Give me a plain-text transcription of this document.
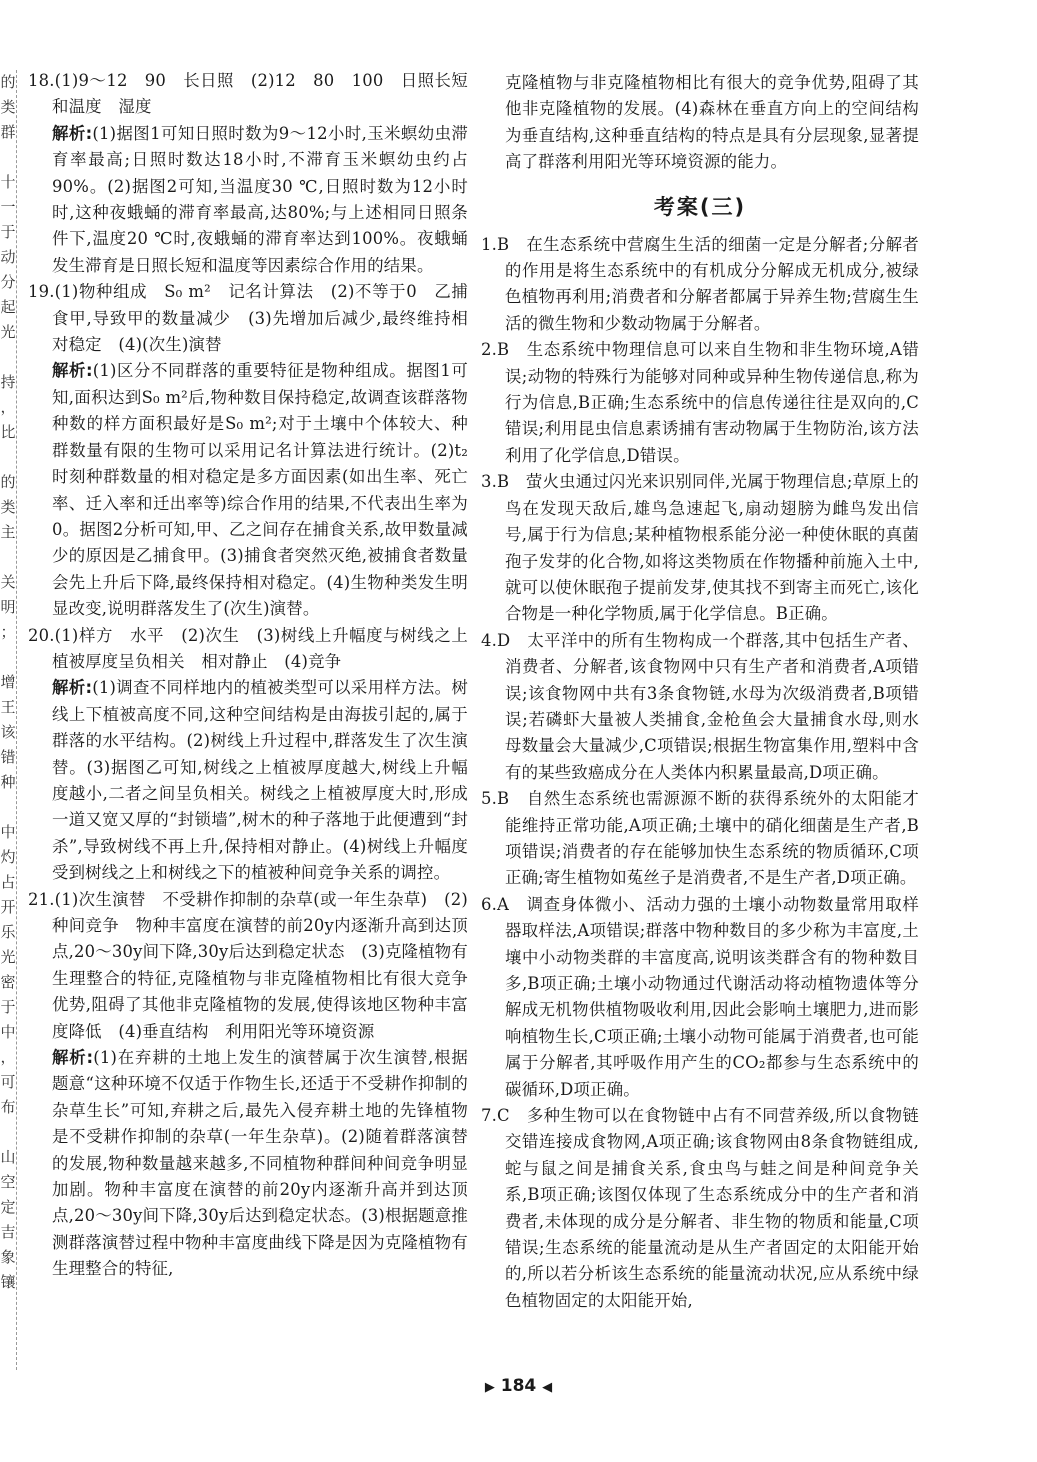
的
类
群

十
一
于
动
分
起
光

持
，
比

的
类
主

关
明
；

增
王
该
错
种

中
灼
占
开
乐
光
密
于
中
，
可
布

山
空
定
吉
象
镶
18.(1)9～12　90　长日照　(2)12　80　100　日照长短和温度　湿度
解析:(1)据图1可知日照时数为9～12小时,玉米螟幼虫滞育率最高;日照时数达18小时,不滞育玉米螟幼虫约占90%。(2)据图2可知,当温度30 ℃,日照时数为12小时时,这种夜蛾蛹的滞育率最高,达80%;与上述相同日照条件下,温度20 ℃时,夜蛾蛹的滞育率达到100%。夜蛾蛹发生滞育是日照长短和温度等因素综合作用的结果。
19.(1)物种组成　S₀ m²　记名计算法　(2)不等于0　乙捕食甲,导致甲的数量减少　(3)先增加后减少,最终维持相对稳定　(4)(次生)演替
解析:(1)区分不同群落的重要特征是物种组成。据图1可知,面积达到S₀ m²后,物种数目保持稳定,故调查该群落物种数的样方面积最好是S₀ m²;对于土壤中个体较大、种群数量有限的生物可以采用记名计算法进行统计。(2)t₂时刻种群数量的相对稳定是多方面因素(如出生率、死亡率、迁入率和迁出率等)综合作用的结果,不代表出生率为0。据图2分析可知,甲、乙之间存在捕食关系,故甲数量减少的原因是乙捕食甲。(3)捕食者突然灭绝,被捕食者数量会先上升后下降,最终保持相对稳定。(4)生物种类发生明显改变,说明群落发生了(次生)演替。
20.(1)样方　水平　(2)次生　(3)树线上升幅度与树线之上植被厚度呈负相关　相对静止　(4)竞争
解析:(1)调查不同样地内的植被类型可以采用样方法。树线上下植被高度不同,这种空间结构是由海拔引起的,属于群落的水平结构。(2)树线上升过程中,群落发生了次生演替。(3)据图乙可知,树线之上植被厚度越大,树线上升幅度越小,二者之间呈负相关。树线之上植被厚度大时,形成一道又宽又厚的“封锁墙”,树木的种子落地于此便遭到“封杀”,导致树线不再上升,保持相对静止。(4)树线上升幅度受到树线之上和树线之下的植被种间竞争关系的调控。
21.(1)次生演替　不受耕作抑制的杂草(或一年生杂草)　(2)种间竞争　物种丰富度在演替的前20y内逐渐升高到达顶点,20～30y间下降,30y后达到稳定状态　(3)克隆植物有生理整合的特征,克隆植物与非克隆植物相比有很大竞争优势,阻碍了其他非克隆植物的发展,使得该地区物种丰富度降低　(4)垂直结构　利用阳光等环境资源
解析:(1)在弃耕的土地上发生的演替属于次生演替,根据题意“这种环境不仅适于作物生长,还适于不受耕作抑制的杂草生长”可知,弃耕之后,最先入侵弃耕土地的先锋植物是不受耕作抑制的杂草(一年生杂草)。(2)随着群落演替的发展,物种数量越来越多,不同植物种群间种间竞争明显加剧。物种丰富度在演替的前20y内逐渐升高并到达顶点,20～30y间下降,30y后达到稳定状态。(3)根据题意推测群落演替过程中物种丰富度曲线下降是因为克隆植物有生理整合的特征,

克隆植物与非克隆植物相比有很大的竞争优势,阻碍了其他非克隆植物的发展。(4)森林在垂直方向上的空间结构为垂直结构,这种垂直结构的特点是具有分层现象,显著提高了群落利用阳光等环境资源的能力。

考案(三)

1.B　在生态系统中营腐生生活的细菌一定是分解者;分解者的作用是将生态系统中的有机成分分解成无机成分,被绿色植物再利用;消费者和分解者都属于异养生物;营腐生生活的微生物和少数动物属于分解者。

2.B　生态系统中物理信息可以来自生物和非生物环境,A错误;动物的特殊行为能够对同种或异种生物传递信息,称为行为信息,B正确;生态系统中的信息传递往往是双向的,C错误;利用昆虫信息素诱捕有害动物属于生物防治,该方法利用了化学信息,D错误。

3.B　萤火虫通过闪光来识别同伴,光属于物理信息;草原上的鸟在发现天敌后,雄鸟急速起飞,扇动翅膀为雌鸟发出信号,属于行为信息;某种植物根系能分泌一种使休眠的真菌孢子发芽的化合物,如将这类物质在作物播种前施入土中,就可以使休眠孢子提前发芽,使其找不到寄主而死亡,该化合物是一种化学物质,属于化学信息。B正确。

4.D　太平洋中的所有生物构成一个群落,其中包括生产者、消费者、分解者,该食物网中只有生产者和消费者,A项错误;该食物网中共有3条食物链,水母为次级消费者,B项错误;若磷虾大量被人类捕食,金枪鱼会大量捕食水母,则水母数量会大量减少,C项错误;根据生物富集作用,塑料中含有的某些致癌成分在人类体内积累量最高,D项正确。

5.B　自然生态系统也需源源不断的获得系统外的太阳能才能维持正常功能,A项正确;土壤中的硝化细菌是生产者,B项错误;消费者的存在能够加快生态系统的物质循环,C项正确;寄生植物如菟丝子是消费者,不是生产者,D项正确。

6.A　调查身体微小、活动力强的土壤小动物数量常用取样器取样法,A项错误;群落中物种数目的多少称为丰富度,土壤中小动物类群的丰富度高,说明该类群含有的物种数目多,B项正确;土壤小动物通过代谢活动将动植物遗体等分解成无机物供植物吸收利用,因此会影响土壤肥力,进而影响植物生长,C项正确;土壤小动物可能属于消费者,也可能属于分解者,其呼吸作用产生的CO₂都参与生态系统中的碳循环,D项正确。

7.C　多种生物可以在食物链中占有不同营养级,所以食物链交错连接成食物网,A项正确;该食物网由8条食物链组成,蛇与鼠之间是捕食关系,食虫鸟与蛙之间是种间竞争关系,B项正确;该图仅体现了生态系统成分中的生产者和消费者,未体现的成分是分解者、非生物的物质和能量,C项错误;生态系统的能量流动是从生产者固定的太阳能开始的,所以若分析该生态系统的能量流动状况,应从系统中绿色植物固定的太阳能开始,

▶ 184 ◀
